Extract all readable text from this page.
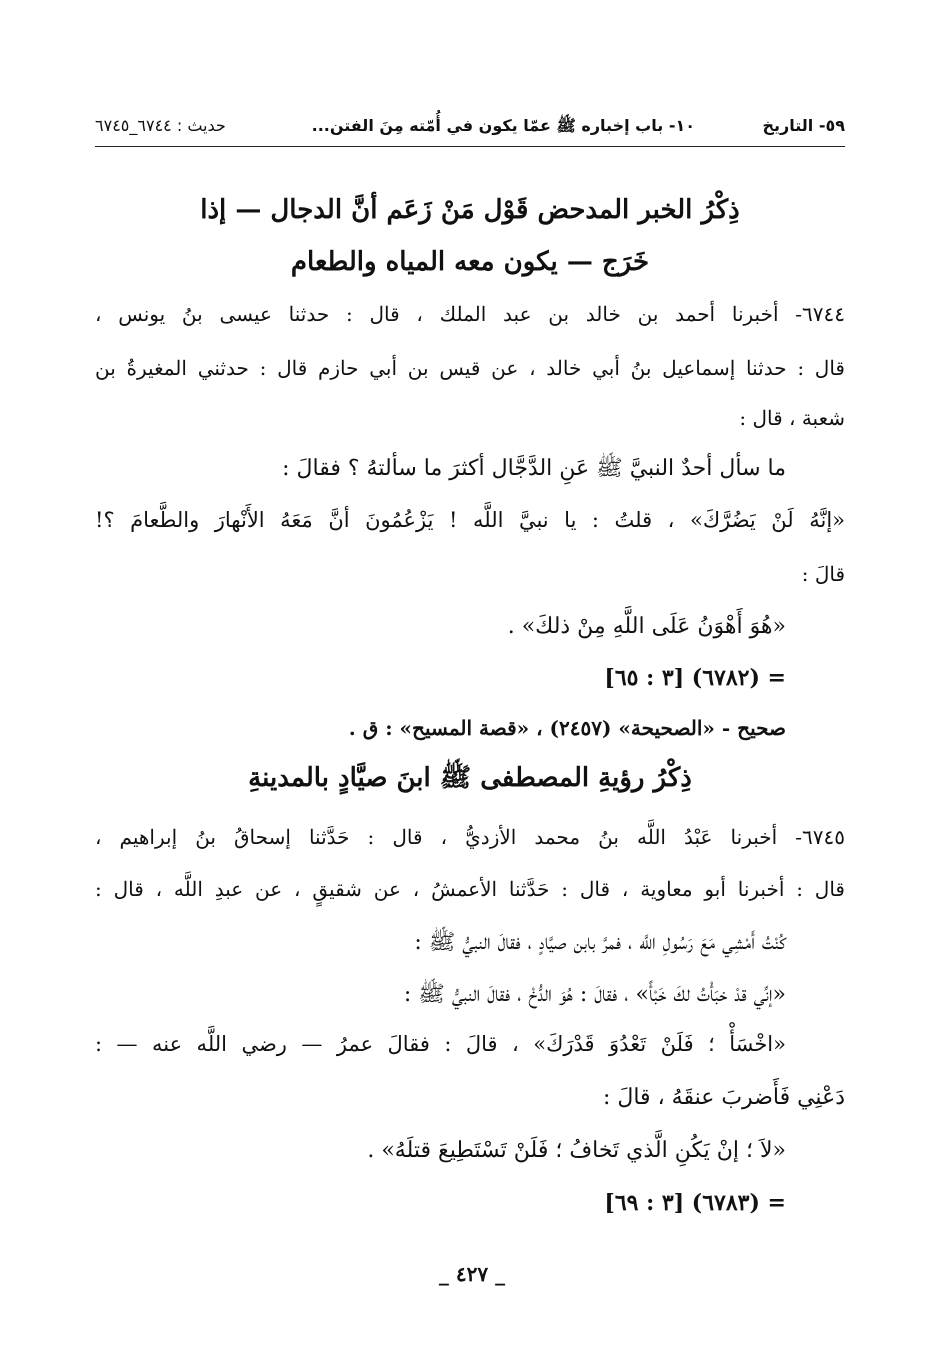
٥٩- التاريخ
١٠- باب إخباره ﷺ عمّا يكون في أُمّته مِنَ الفتن...
حديث : ٦٧٤٤_٦٧٤٥
ذِكْرُ الخبر المدحض قَوْل مَنْ زَعَم أنَّ الدجال — إذا
خَرَج — يكون معه المياه والطعام
٦٧٤٤- أخبرنا أحمد بن خالد بن عبد الملك ، قال : حدثنا عيسى بنُ يونس ،
قال : حدثنا إسماعيل بنُ أبي خالد ، عن قيس بن أبي حازم قال : حدثني المغيرةُ بن
شعبة ، قال :
ما سأل أحدٌ النبيَّ ﷺ عَنِ الدَّجَّال أكثرَ ما سألتهُ ؟ فقالَ :
«إنَّهُ لَنْ يَضُرَّكَ» ، قلتُ : يا نبيَّ اللَّه ! يَزْعُمُونَ أنَّ مَعَهُ الأَنْهارَ والطَّعامَ ؟!
قالَ :
«هُوَ أَهْوَنُ عَلَى اللَّهِ مِنْ ذلكَ» .
= (٦٧٨٢) [٣ : ٦٥]
صحيح - «الصحيحة» (٢٤٥٧) ، «قصة المسيح» : ق .
ذِكْرُ رؤيةِ المصطفى ﷺ ابنَ صيَّادٍ بالمدينةِ
٦٧٤٥- أخبرنا عَبْدُ اللَّه بنُ محمد الأزديُّ ، قال : حَدَّثنا إسحاقُ بنُ إبراهيم ،
قال : أخبرنا أبو معاوية ، قال : حَدَّثنا الأعمشُ ، عن شقيقٍ ، عن عبدِ اللَّه ، قال :
كُنْتُ أَمْشِي مَعَ رَسُولِ اللَّه ، فمرَّ بابن صيَّادٍ ، فقالَ النبيُّ ﷺ :
«إنِّي قدْ خبَأْتُ لكَ خَبْأً» ، فقالَ : هُوَ الدُّخْ ، فقالَ النبيُّ ﷺ :
«اخْسَأْ ؛ فَلَنْ تَعْدُوَ قَدْرَكَ» ، قالَ : فقالَ عمرُ — رضي اللَّه عنه — :
دَعْنِي فَأَضربَ عنقَهُ ، قالَ :
«لاَ ؛ إنْ يَكُنِ الَّذي تَخافُ ؛ فَلَنْ تَسْتَطِيعَ قتلَهُ» .
= (٦٧٨٣) [٣ : ٦٩]
_ ٤٢٧ _
